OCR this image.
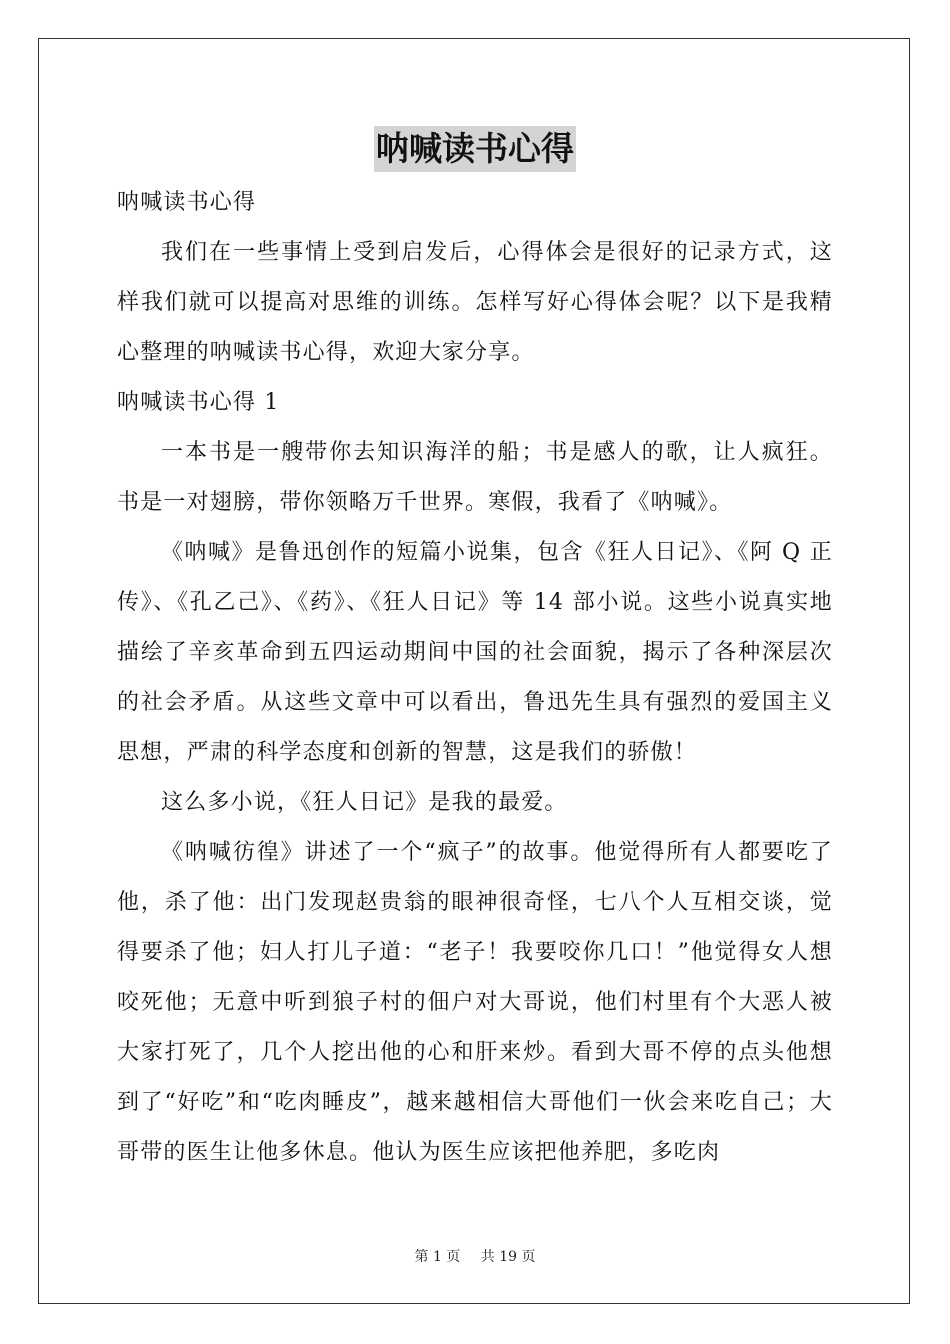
呐喊读书心得

呐喊读书心得

我们在一些事情上受到启发后，心得体会是很好的记录方式，这样我们就可以提高对思维的训练。怎样写好心得体会呢？以下是我精心整理的呐喊读书心得，欢迎大家分享。

呐喊读书心得 1

一本书是一艘带你去知识海洋的船；书是感人的歌，让人疯狂。书是一对翅膀，带你领略万千世界。寒假，我看了《呐喊》。

《呐喊》是鲁迅创作的短篇小说集，包含《狂人日记》、《阿 Q 正传》、《孔乙己》、《药》、《狂人日记》等 14 部小说。这些小说真实地描绘了辛亥革命到五四运动期间中国的社会面貌，揭示了各种深层次的社会矛盾。从这些文章中可以看出，鲁迅先生具有强烈的爱国主义思想，严肃的科学态度和创新的智慧，这是我们的骄傲！

这么多小说，《狂人日记》是我的最爱。

《呐喊彷徨》讲述了一个“疯子”的故事。他觉得所有人都要吃了他，杀了他：出门发现赵贵翁的眼神很奇怪，七八个人互相交谈，觉得要杀了他；妇人打儿子道：“老子！我要咬你几口！”他觉得女人想咬死他；无意中听到狼子村的佃户对大哥说，他们村里有个大恶人被大家打死了，几个人挖出他的心和肝来炒。看到大哥不停的点头他想到了“好吃”和“吃肉睡皮”，越来越相信大哥他们一伙会来吃自己；大哥带的医生让他多休息。他认为医生应该把他养肥，多吃肉

第 1 页 共 19 页
